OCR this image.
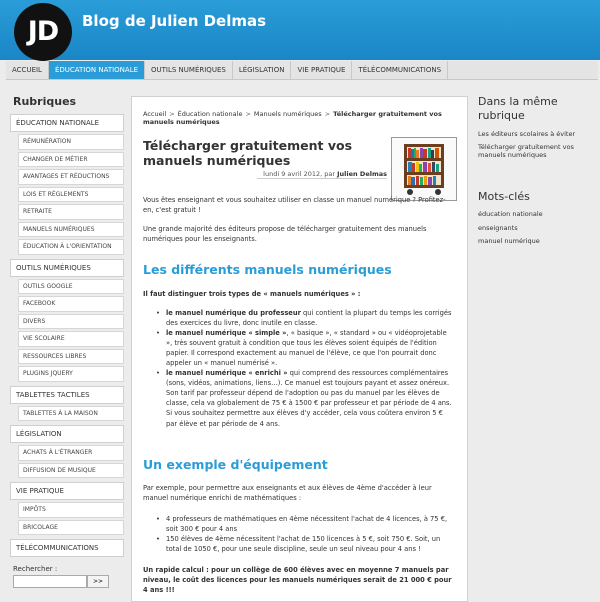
JD	Blog de Julien Delmas
ACCUEIL	ÉDUCATION NATIONALE	OUTILS NUMÉRIQUES	LÉGISLATION	VIE PRATIQUE	TÉLÉCOMMUNICATIONS
Rubriques
ÉDUCATION NATIONALE
RÉMUNÉRATION
CHANGER DE MÉTIER
AVANTAGES ET RÉDUCTIONS
LOIS ET RÈGLEMENTS
RETRAITE
MANUELS NUMÉRIQUES
ÉDUCATION À L'ORIENTATION
OUTILS NUMÉRIQUES
OUTILS GOOGLE
FACEBOOK
DIVERS
VIE SCOLAIRE
RESSOURCES LIBRES
PLUGINS JQUERY
TABLETTES TACTILES
TABLETTES À LA MAISON
LÉGISLATION
ACHATS À L'ÉTRANGER
DIFFUSION DE MUSIQUE
VIE PRATIQUE
IMPÔTS
BRICOLAGE
TÉLÉCOMMUNICATIONS
Rechercher :
>>
Accueil > Éducation nationale > Manuels numériques > Télécharger gratuitement vos manuels numériques
Télécharger gratuitement vos manuels numériques
lundi 9 avril 2012, par Julien Delmas

Vous êtes enseignant et vous souhaitez utiliser en classe un manuel numérique ? Profitez-en, c'est gratuit !

Une grande majorité des éditeurs propose de télécharger gratuitement des manuels numériques pour les enseignants.

Les différents manuels numériques

Il faut distinguer trois types de « manuels numériques » :

• le manuel numérique du professeur qui contient la plupart du temps les corrigés des exercices du livre, donc inutile en classe.
• le manuel numérique « simple », « basique », « standard » ou « vidéoprojetable », très souvent gratuit à condition que tous les élèves soient équipés de l'édition papier. Il correspond exactement au manuel de l'élève, ce que l'on pourrait donc appeler un « manuel numérisé ».
• le manuel numérique « enrichi » qui comprend des ressources complémentaires (sons, vidéos, animations, liens…). Ce manuel est toujours payant et assez onéreux. Son tarif par professeur dépend de l'adoption ou pas du manuel par les élèves de classe, cela va globalement de 75 € à 1500 € par professeur et par période de 4 ans. Si vous souhaitez permettre aux élèves d'y accéder, cela vous coûtera environ 5 € par élève et par période de 4 ans.
Un exemple d'équipement

Par exemple, pour permettre aux enseignants et aux élèves de 4ème d'accéder à leur manuel numérique enrichi de mathématiques :

• 4 professeurs de mathématiques en 4ème nécessitent l'achat de 4 licences, à 75 €, soit 300 € pour 4 ans
• 150 élèves de 4ème nécessitent l'achat de 150 licences à 5 €, soit 750 €. Soit, un total de 1050 €, pour une seule discipline, seule un seul niveau pour 4 ans !

Un rapide calcul : pour un collège de 600 élèves avec en moyenne 7 manuels par niveau, le coût des licences pour les manuels numériques serait de 21 000 € pour 4 ans !!!

Dans la même rubrique
Les éditeurs scolaires à éviter
Télécharger gratuitement vos manuels numériques
Mots-clés
éducation nationale
enseignants
manuel numérique
